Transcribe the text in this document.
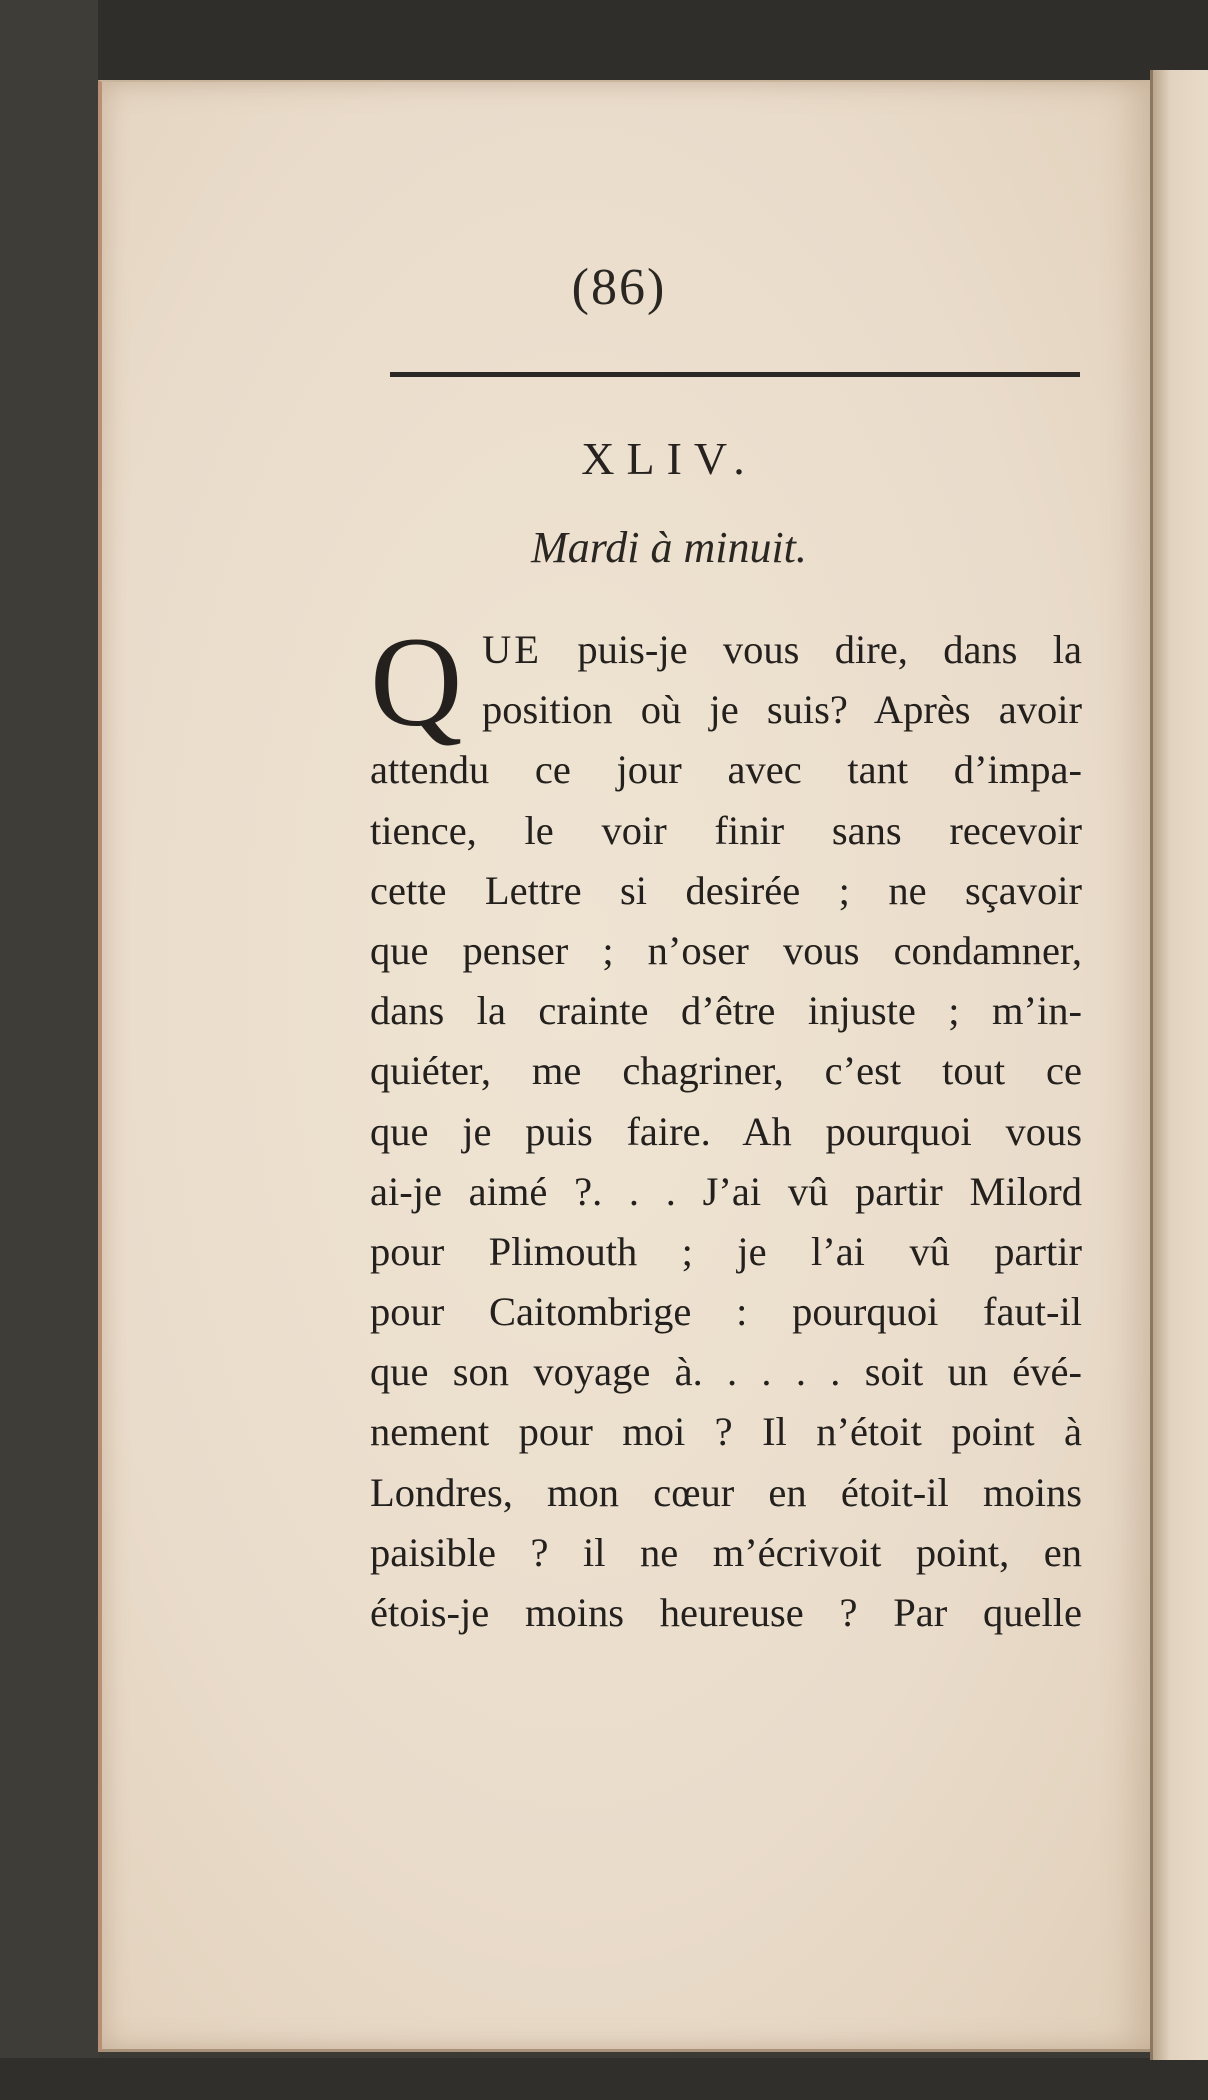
(86)
XLIV.
Mardi à minuit.
Q UE puis-je vous dire, dans la
position où je suis? Après avoir
attendu ce jour avec tant d’impa-
tience, le voir finir sans recevoir
cette Lettre si desirée ; ne sçavoir
que penser ; n’oser vous condamner,
dans la crainte d’être injuste ; m’in-
quiéter, me chagriner, c’est tout ce
que je puis faire. Ah pourquoi vous
ai-je aimé ?. . . J’ai vû partir Milord
pour Plimouth ; je l’ai vû partir
pour Caitombrige : pourquoi faut-il
que son voyage à. . . . . soit un évé-
nement pour moi ? Il n’étoit point à
Londres, mon cœur en étoit-il moins
paisible ? il ne m’écrivoit point, en
étois-je moins heureuse ? Par quelle
